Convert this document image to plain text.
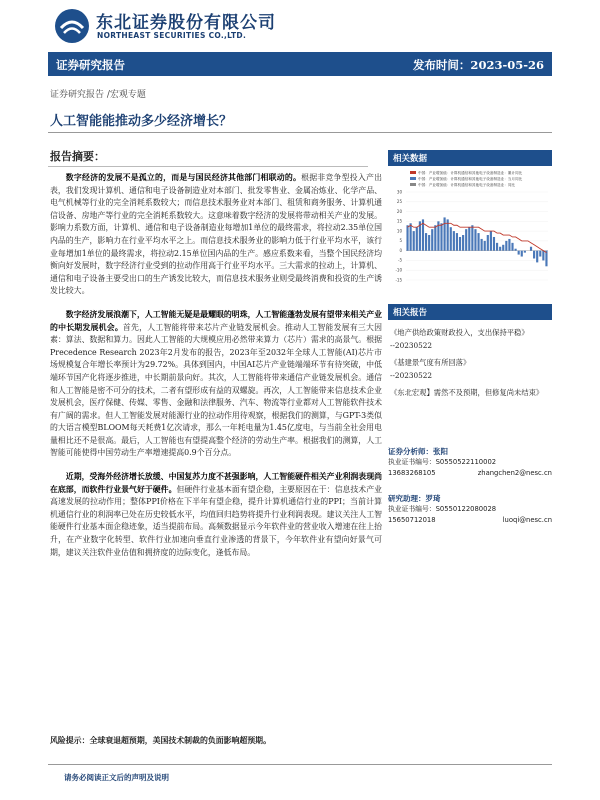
东北证券股份有限公司
NORTHEAST SECURITIES CO.,LTD.
证券研究报告	发布时间：2023-05-26
证券研究报告 /宏观专题
人工智能能推动多少经济增长？
报告摘要：

数字经济的发展不是孤立的，而是与国民经济其他部门相联动的。根据非竞争型投入产出表，我们发现计算机、通信和电子设备制造业对本部门、批发零售业、金属冶炼业、化学产品、电气机械等行业的完全消耗系数较大；而信息技术服务业对本部门、租赁和商务服务、计算机通信设备、房地产等行业的完全消耗系数较大。这意味着数字经济的发展将带动相关产业的发展。影响力系数方面，计算机、通信和电子设备制造业每增加1单位的最终需求，将拉动2.35单位国内品的生产，影响力在行业平均水平之上。而信息技术服务业的影响力低于行业平均水平，该行业每增加1单位的最终需求，将拉动2.15单位国内品的生产。感应系数来看，当整个国民经济均衡向好发展时，数字经济行业受到的拉动作用高于行业平均水平。三大需求的拉动上，计算机、通信和电子设备主要受出口的生产诱发比较大，而信息技术服务业则受最终消费和投资的生产诱发比较大。

数字经济发展浪潮下，人工智能无疑是最耀眼的明珠，人工智能蓬勃发展有望带来相关产业的中长期发展机会。首先，人工智能将带来芯片产业链发展机会。推动人工智能发展有三大因素：算法、数据和算力。因此人工智能的大规模应用必然带来算力（芯片）需求的高景气。根据Precedence Research 2023年2月发布的报告，2023年至2032年全球人工智能(AI)芯片市场规模复合年增长率预计为29.72%。具体到国内，中国AI芯片产业链端端环节有待突破，中低端环节国产化将逐步推进，中长期前景向好。其次，人工智能将带来通信产业链发展机会。通信和人工智能是密不可分的技术，二者有望形成有益的双螺旋。再次，人工智能带来信息技术企业发展机会，医疗保健、传媒、零售、金融和法律服务、汽车、物流等行业都对人工智能软件技术有广阔的需求。但人工智能发展对能源行业的拉动作用待观察，根据我们的测算，与GPT-3类似的大语言模型BLOOM每天耗费1亿次请求，那么一年耗电量为1.45亿度电，与当前全社会用电量相比还不是很高。最后，人工智能也有望提高整个经济的劳动生产率。根据我们的测算，人工智能可能使得中国劳动生产率增速提高0.9个百分点。

近期，受海外经济增长放缓、中国复苏力度不甚强影响，人工智能硬件相关产业利润表现尚在底部，而软件行业景气好于硬件。但硬件行业基本面有望企稳，主要原因在于：信息技术产业高速发展的拉动作用；整体PPI价格在下半年有望企稳，提升计算机通信行业的PPI；当前计算机通信行业的利润率已处在历史较低水平，均值回归趋势将提升行业利润表现。建议关注人工智能硬件行业基本面企稳迹象，适当提前布局。高频数据显示今年软件业的营业收入增速在往上抬升，在产业数字化转型、软件行业加速向垂直行业渗透的背景下，今年软件业有望向好景气可期，建议关注软件业估值和拥挤度的边际变化，逢低布局。

相关数据
中国：产业增加值：计算机通信和其他电子设备制造业：累计同比
中国：产业增加值：计算机通信和其他电子设备制造业：当月同比
中国：产业增加值：计算机通信和其他电子设备制造业：同比
30
25
20
15
10
5
0
-5
-10
-15
相关报告
《地产供给政策财政投入，支出保持平稳》
--20230522
《基建景气度有所回落》
--20230522
《东北宏观】需然不及预期，但修复尚未结束》
证券分析师：张阳
执业证书编号：S0550522110002
13683268105	zhangchen2@nesc.cn
研究助理：罗琦
执业证书编号：S0550122080028
15650712018	luoqi@nesc.cn
风险提示：全球衰退超预期，美国技术制裁的负面影响超预期。
请务必阅读正文后的声明及说明
